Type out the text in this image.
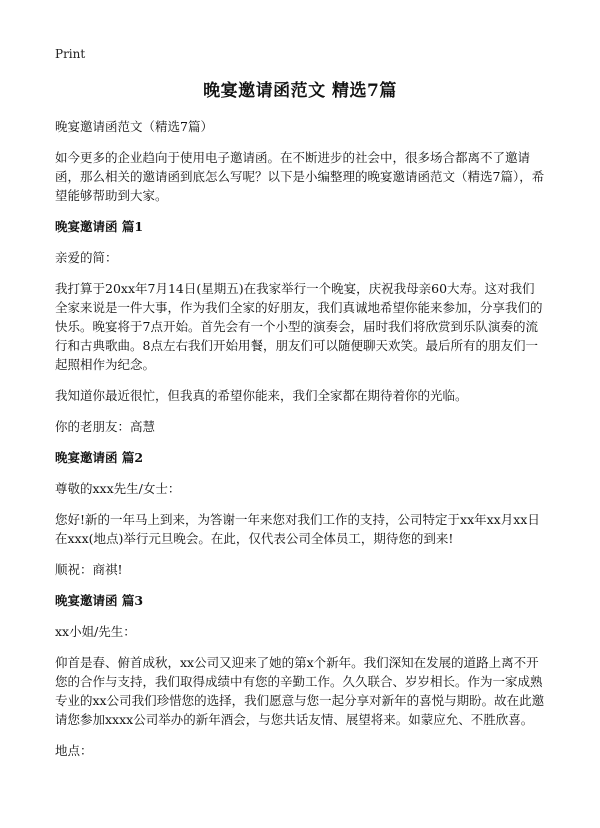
Print
晚宴邀请函范文 精选7篇

晚宴邀请函范文（精选7篇）

如今更多的企业趋向于使用电子邀请函。在不断进步的社会中，很多场合都离不了邀请函，那么相关的邀请函到底怎么写呢？以下是小编整理的晚宴邀请函范文（精选7篇），希望能够帮助到大家。

晚宴邀请函 篇1

亲爱的简：

我打算于20xx年7月14日(星期五)在我家举行一个晚宴，庆祝我母亲60大寿。这对我们全家来说是一件大事，作为我们全家的好朋友，我们真诚地希望你能来参加，分享我们的快乐。晚宴将于7点开始。首先会有一个小型的演奏会，届时我们将欣赏到乐队演奏的流行和古典歌曲。8点左右我们开始用餐，朋友们可以随便聊天欢笑。最后所有的朋友们一起照相作为纪念。

我知道你最近很忙，但我真的希望你能来，我们全家都在期待着你的光临。

你的老朋友：高慧

晚宴邀请函 篇2

尊敬的xxx先生/女士：

您好!新的一年马上到来，为答谢一年来您对我们工作的支持，公司特定于xx年xx月xx日在xxx(地点)举行元旦晚会。在此，仅代表公司全体员工，期待您的到来!

顺祝：商祺!

晚宴邀请函 篇3

xx小姐/先生：

仰首是春、俯首成秋，xx公司又迎来了她的第x个新年。我们深知在发展的道路上离不开您的合作与支持，我们取得成绩中有您的辛勤工作。久久联合、岁岁相长。作为一家成熟专业的xx公司我们珍惜您的选择，我们愿意与您一起分享对新年的喜悦与期盼。故在此邀请您参加xxxx公司举办的新年酒会，与您共话友情、展望将来。如蒙应允、不胜欣喜。

地点：
